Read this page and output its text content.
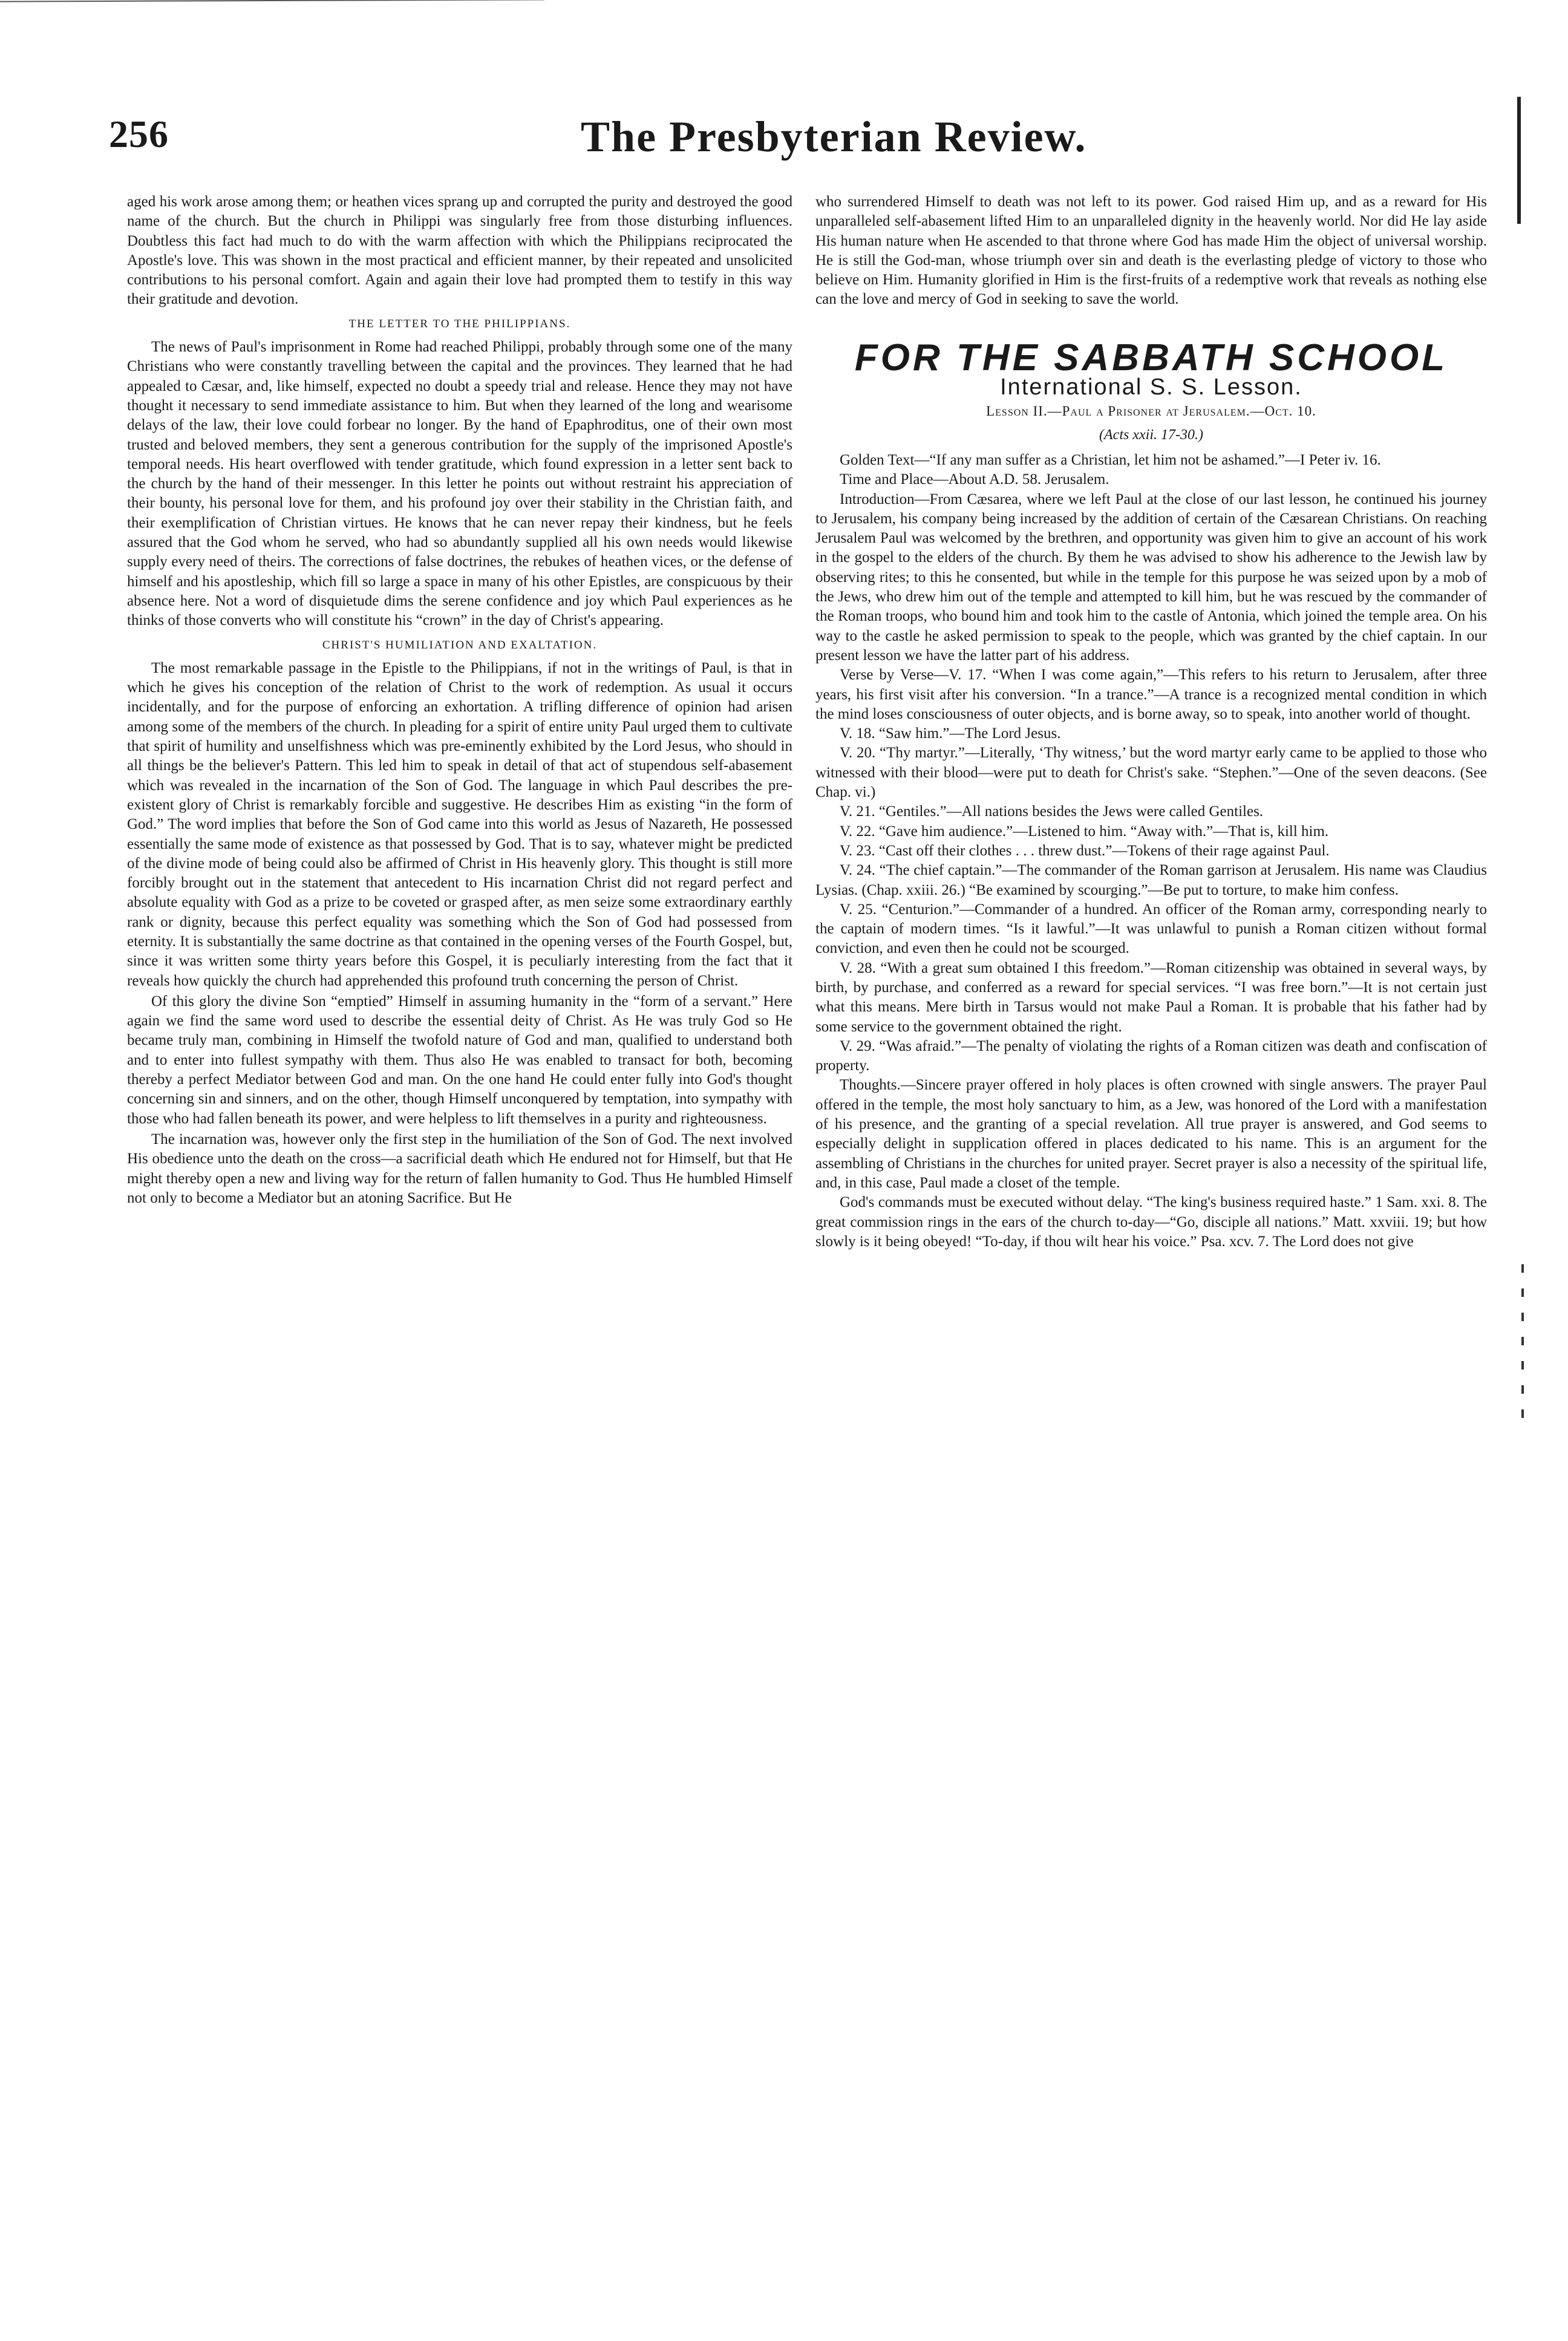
256	The Presbyterian Review.

aged his work arose among them; or heathen vices sprang up and corrupted the purity and destroyed the good name of the church. But the church in Philippi was singularly free from those disturbing influences. Doubtless this fact had much to do with the warm affection with which the Philippians reciprocated the Apostle's love. This was shown in the most practical and efficient manner, by their repeated and unsolicited contributions to his personal comfort. Again and again their love had prompted them to testify in this way their gratitude and devotion.

THE LETTER TO THE PHILIPPIANS.

The news of Paul's imprisonment in Rome had reached Philippi, probably through some one of the many Christians who were constantly travelling between the capital and the provinces. They learned that he had appealed to Cæsar, and, like himself, expected no doubt a speedy trial and release. Hence they may not have thought it necessary to send immediate assistance to him. But when they learned of the long and wearisome delays of the law, their love could forbear no longer. By the hand of Epaphroditus, one of their own most trusted and beloved members, they sent a generous contribution for the supply of the imprisoned Apostle's temporal needs. His heart overflowed with tender gratitude, which found expression in a letter sent back to the church by the hand of their messenger. In this letter he points out without restraint his appreciation of their bounty, his personal love for them, and his profound joy over their stability in the Christian faith, and their exemplification of Christian virtues. He knows that he can never repay their kindness, but he feels assured that the God whom he served, who had so abundantly supplied all his own needs would likewise supply every need of theirs. The corrections of false doctrines, the rebukes of heathen vices, or the defense of himself and his apostleship, which fill so large a space in many of his other Epistles, are conspicuous by their absence here. Not a word of disquietude dims the serene confidence and joy which Paul experiences as he thinks of those converts who will constitute his “crown” in the day of Christ's appearing.

CHRIST'S HUMILIATION AND EXALTATION.

The most remarkable passage in the Epistle to the Philippians, if not in the writings of Paul, is that in which he gives his conception of the relation of Christ to the work of redemption. As usual it occurs incidentally, and for the purpose of enforcing an exhortation. A trifling difference of opinion had arisen among some of the members of the church. In pleading for a spirit of entire unity Paul urged them to cultivate that spirit of humility and unselfishness which was pre-eminently exhibited by the Lord Jesus, who should in all things be the believer's Pattern. This led him to speak in detail of that act of stupendous self-abasement which was revealed in the incarnation of the Son of God. The language in which Paul describes the pre-existent glory of Christ is remarkably forcible and suggestive. He describes Him as existing “in the form of God.” The word implies that before the Son of God came into this world as Jesus of Nazareth, He possessed essentially the same mode of existence as that possessed by God. That is to say, whatever might be predicted of the divine mode of being could also be affirmed of Christ in His heavenly glory. This thought is still more forcibly brought out in the statement that antecedent to His incarnation Christ did not regard perfect and absolute equality with God as a prize to be coveted or grasped after, as men seize some extraordinary earthly rank or dignity, because this perfect equality was something which the Son of God had possessed from eternity. It is substantially the same doctrine as that contained in the opening verses of the Fourth Gospel, but, since it was written some thirty years before this Gospel, it is peculiarly interesting from the fact that it reveals how quickly the church had apprehended this profound truth concerning the person of Christ.

Of this glory the divine Son “emptied” Himself in assuming humanity in the “form of a servant.” Here again we find the same word used to describe the essential deity of Christ. As He was truly God so He became truly man, combining in Himself the twofold nature of God and man, qualified to understand both and to enter into fullest sympathy with them. Thus also He was enabled to transact for both, becoming thereby a perfect Mediator between God and man. On the one hand He could enter fully into God's thought concerning sin and sinners, and on the other, though Himself unconquered by temptation, into sympathy with those who had fallen beneath its power, and were helpless to lift themselves in a purity and righteousness.

The incarnation was, however only the first step in the humiliation of the Son of God. The next involved His obedience unto the death on the cross—a sacrificial death which He endured not for Himself, but that He might thereby open a new and living way for the return of fallen humanity to God. Thus He humbled Himself not only to become a Mediator but an atoning Sacrifice. But He

who surrendered Himself to death was not left to its power. God raised Him up, and as a reward for His unparalleled self-abasement lifted Him to an unparalleled dignity in the heavenly world. Nor did He lay aside His human nature when He ascended to that throne where God has made Him the object of universal worship. He is still the God-man, whose triumph over sin and death is the everlasting pledge of victory to those who believe on Him. Humanity glorified in Him is the first-fruits of a redemptive work that reveals as nothing else can the love and mercy of God in seeking to save the world.

FOR THE SABBATH SCHOOL
International S. S. Lesson.
Lesson II.—Paul a Prisoner at Jerusalem.—Oct. 10.
(Acts xxii. 17-30.)

Golden Text—“If any man suffer as a Christian, let him not be ashamed.”—I Peter iv. 16.

Time and Place—About A.D. 58. Jerusalem.

Introduction—From Cæsarea, where we left Paul at the close of our last lesson, he continued his journey to Jerusalem, his company being increased by the addition of certain of the Cæsarean Christians. On reaching Jerusalem Paul was welcomed by the brethren, and opportunity was given him to give an account of his work in the gospel to the elders of the church. By them he was advised to show his adherence to the Jewish law by observing rites; to this he consented, but while in the temple for this purpose he was seized upon by a mob of the Jews, who drew him out of the temple and attempted to kill him, but he was rescued by the commander of the Roman troops, who bound him and took him to the castle of Antonia, which joined the temple area. On his way to the castle he asked permission to speak to the people, which was granted by the chief captain. In our present lesson we have the latter part of his address.

Verse by Verse—V. 17. “When I was come again,”—This refers to his return to Jerusalem, after three years, his first visit after his conversion. “In a trance.”—A trance is a recognized mental condition in which the mind loses consciousness of outer objects, and is borne away, so to speak, into another world of thought.

V. 18. “Saw him.”—The Lord Jesus.

V. 20. “Thy martyr.”—Literally, ‘Thy witness,’ but the word martyr early came to be applied to those who witnessed with their blood—were put to death for Christ's sake. “Stephen.”—One of the seven deacons. (See Chap. vi.)

V. 21. “Gentiles.”—All nations besides the Jews were called Gentiles.

V. 22. “Gave him audience.”—Listened to him. “Away with.”—That is, kill him.

V. 23. “Cast off their clothes . . . threw dust.”—Tokens of their rage against Paul.

V. 24. “The chief captain.”—The commander of the Roman garrison at Jerusalem. His name was Claudius Lysias. (Chap. xxiii. 26.) “Be examined by scourging.”—Be put to torture, to make him confess.

V. 25. “Centurion.”—Commander of a hundred. An officer of the Roman army, corresponding nearly to the captain of modern times. “Is it lawful.”—It was unlawful to punish a Roman citizen without formal conviction, and even then he could not be scourged.

V. 28. “With a great sum obtained I this freedom.”—Roman citizenship was obtained in several ways, by birth, by purchase, and conferred as a reward for special services. “I was free born.”—It is not certain just what this means. Mere birth in Tarsus would not make Paul a Roman. It is probable that his father had by some service to the government obtained the right.

V. 29. “Was afraid.”—The penalty of violating the rights of a Roman citizen was death and confiscation of property.

Thoughts.—Sincere prayer offered in holy places is often crowned with single answers. The prayer Paul offered in the temple, the most holy sanctuary to him, as a Jew, was honored of the Lord with a manifestation of his presence, and the granting of a special revelation. All true prayer is answered, and God seems to especially delight in supplication offered in places dedicated to his name. This is an argument for the assembling of Christians in the churches for united prayer. Secret prayer is also a necessity of the spiritual life, and, in this case, Paul made a closet of the temple.

God's commands must be executed without delay. “The king's business required haste.” 1 Sam. xxi. 8. The great commission rings in the ears of the church to-day—“Go, disciple all nations.” Matt. xxviii. 19; but how slowly is it being obeyed! “To-day, if thou wilt hear his voice.” Psa. xcv. 7. The Lord does not give
